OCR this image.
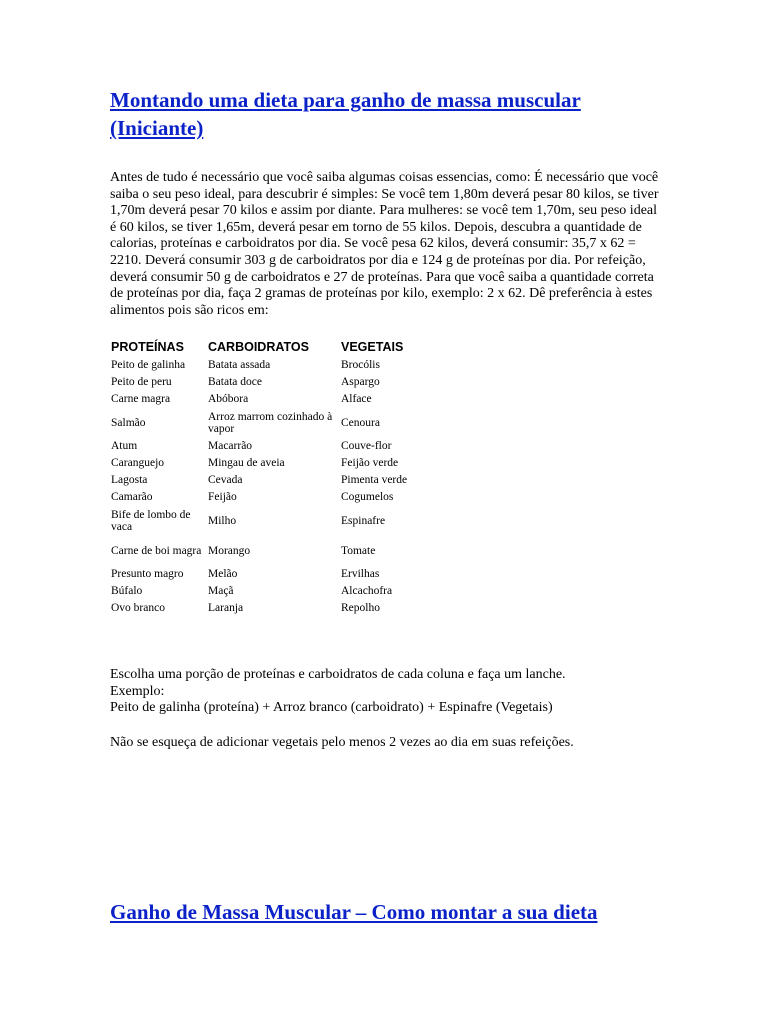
Montando uma dieta para ganho de massa muscular (Iniciante)

Antes de tudo é necessário que você saiba algumas coisas essencias, como: É necessário que você saiba o seu peso ideal, para descubrir é simples: Se você tem 1,80m deverá pesar 80 kilos, se tiver 1,70m deverá pesar 70 kilos e assim por diante. Para mulheres: se você tem 1,70m, seu peso ideal é 60 kilos, se tiver 1,65m, deverá pesar em torno de 55 kilos. Depois, descubra a quantidade de calorias, proteínas e carboidratos por dia. Se você pesa 62 kilos, deverá consumir: 35,7 x 62 = 2210. Deverá consumir 303 g de carboidratos por dia e 124 g de proteínas por dia. Por refeição, deverá consumir 50 g de carboidratos e 27 de proteínas. Para que você saiba a quantidade correta de proteínas por dia, faça 2 gramas de proteínas por kilo, exemplo: 2 x 62. Dê preferência à estes alimentos pois são ricos em:

PROTEÍNAS	CARBOIDRATOS	VEGETAIS
Peito de galinha	Batata assada	Brocólis
Peito de peru	Batata doce	Aspargo
Carne magra	Abóbora	Alface
Salmão	Arroz marrom cozinhado à vapor	Cenoura
Atum	Macarrão	Couve-flor
Caranguejo	Mingau de aveia	Feijão verde
Lagosta	Cevada	Pimenta verde
Camarão	Feijão	Cogumelos
Bife de lombo de vaca	Milho	Espinafre
Carne de boi magra	Morango	Tomate
Presunto magro	Melão	Ervilhas
Búfalo	Maçã	Alcachofra
Ovo branco	Laranja	Repolho

Escolha uma porção de proteínas e carboidratos de cada coluna e faça um lanche.

Exemplo:

Peito de galinha (proteína) + Arroz branco (carboidrato) + Espinafre (Vegetais)

Não se esqueça de adicionar vegetais pelo menos 2 vezes ao dia em suas refeições.

Ganho de Massa Muscular – Como montar a sua dieta
